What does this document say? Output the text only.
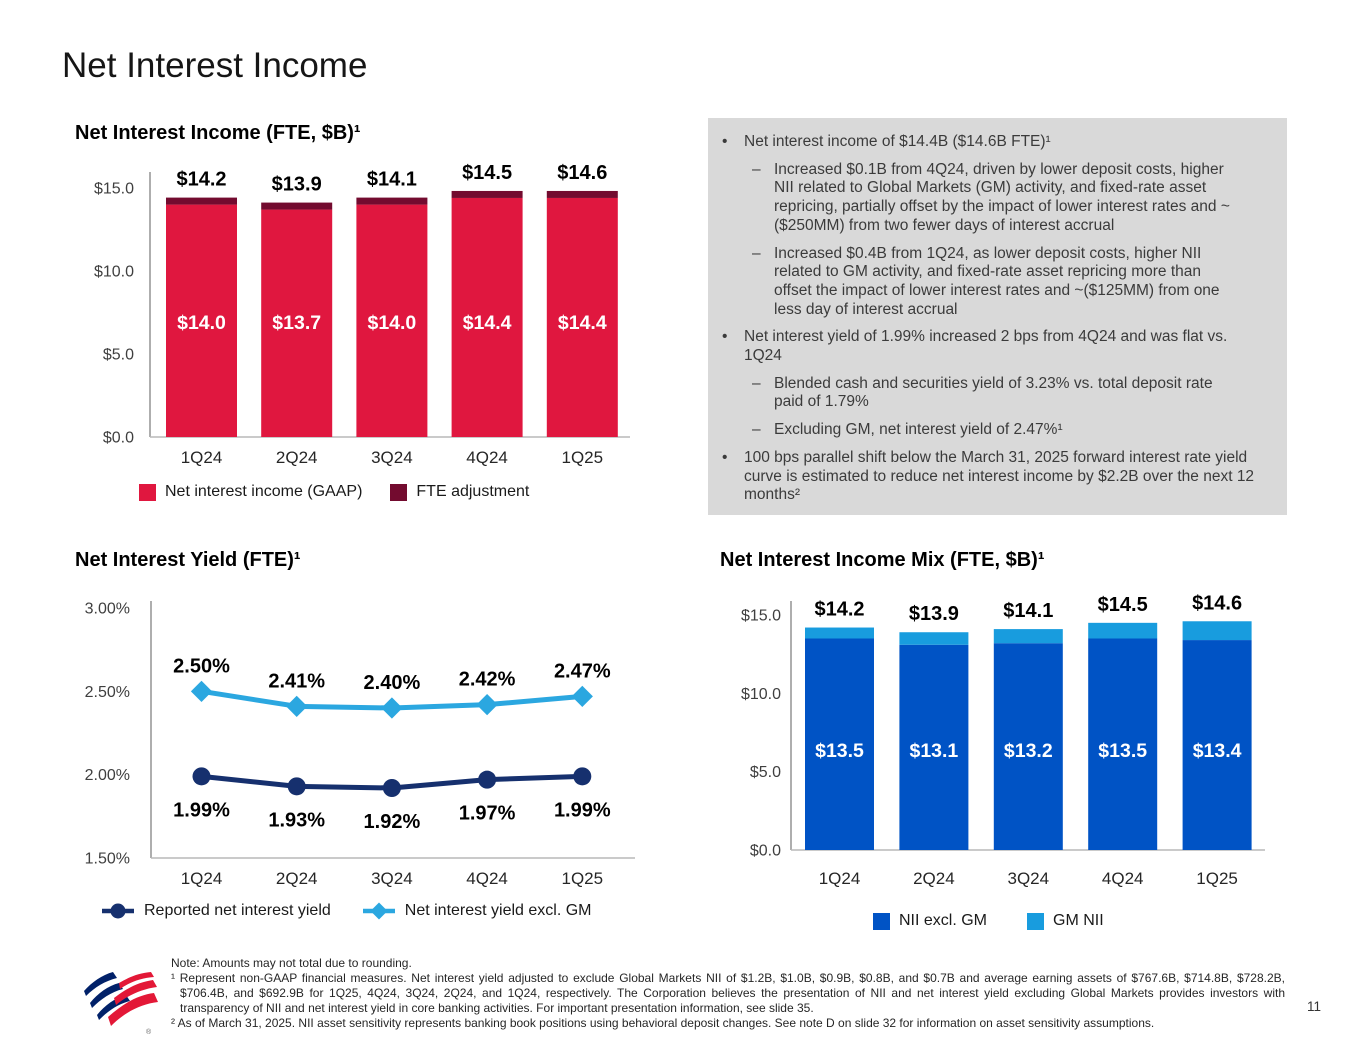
Net Interest Income
Net Interest Income (FTE, $B)¹
$0.0
$5.0
$10.0
$15.0
$14.0
$14.2
1Q24
$13.7
$13.9
2Q24
$14.0
$14.1
3Q24
$14.4
$14.5
4Q24
$14.4
$14.6
1Q25
Net interest income (GAAP)	FTE adjustment
•	Net interest income of $14.4B ($14.6B FTE)¹
– Increased $0.1B from 4Q24, driven by lower deposit costs, higher NII related to Global Markets (GM) activity, and fixed-rate asset repricing, partially offset by the impact of lower interest rates and ~($250MM) from two fewer days of interest accrual
– Increased $0.4B from 1Q24, as lower deposit costs, higher NII related to GM activity, and fixed-rate asset repricing more than offset the impact of lower interest rates and ~($125MM) from one less day of interest accrual
•	Net interest yield of 1.99% increased 2 bps from 4Q24 and was flat vs. 1Q24
– Blended cash and securities yield of 3.23% vs. total deposit rate paid of 1.79%
– Excluding GM, net interest yield of 2.47%¹
•	100 bps parallel shift below the March 31, 2025 forward interest rate yield curve is estimated to reduce net interest income by $2.2B over the next 12 months²
Net Interest Yield (FTE)¹
1.50%
2.00%
2.50%
3.00%
1Q24	2Q24	3Q24	4Q24	1Q25
1.99% 1.93% 1.92% 1.97% 1.99%
2.50%
2.41% 2.40% 2.42% 2.47%
Reported net interest yield	Net interest yield excl. GM
Net Interest Income Mix (FTE, $B)¹
$0.0
$5.0
$10.0
$15.0
$13.5
$14.2
1Q24
$13.1
$13.9
2Q24
$13.2
$14.1
3Q24
$13.5
$14.5
4Q24
$13.4
$14.6
1Q25
NII excl. GM	GM NII
®

Note: Amounts may not total due to rounding.

¹ Represent non-GAAP financial measures. Net interest yield adjusted to exclude Global Markets NII of $1.2B, $1.0B, $0.9B, $0.8B, and $0.7B and average earning assets of $767.6B, $714.8B, $728.2B, $706.4B, and $692.9B for 1Q25, 4Q24, 3Q24, 2Q24, and 1Q24, respectively. The Corporation believes the presentation of NII and net interest yield excluding Global Markets provides investors with transparency of NII and net interest yield in core banking activities. For important presentation information, see slide 35.

² As of March 31, 2025. NII asset sensitivity represents banking book positions using behavioral deposit changes. See note D on slide 32 for information on asset sensitivity assumptions.

11
